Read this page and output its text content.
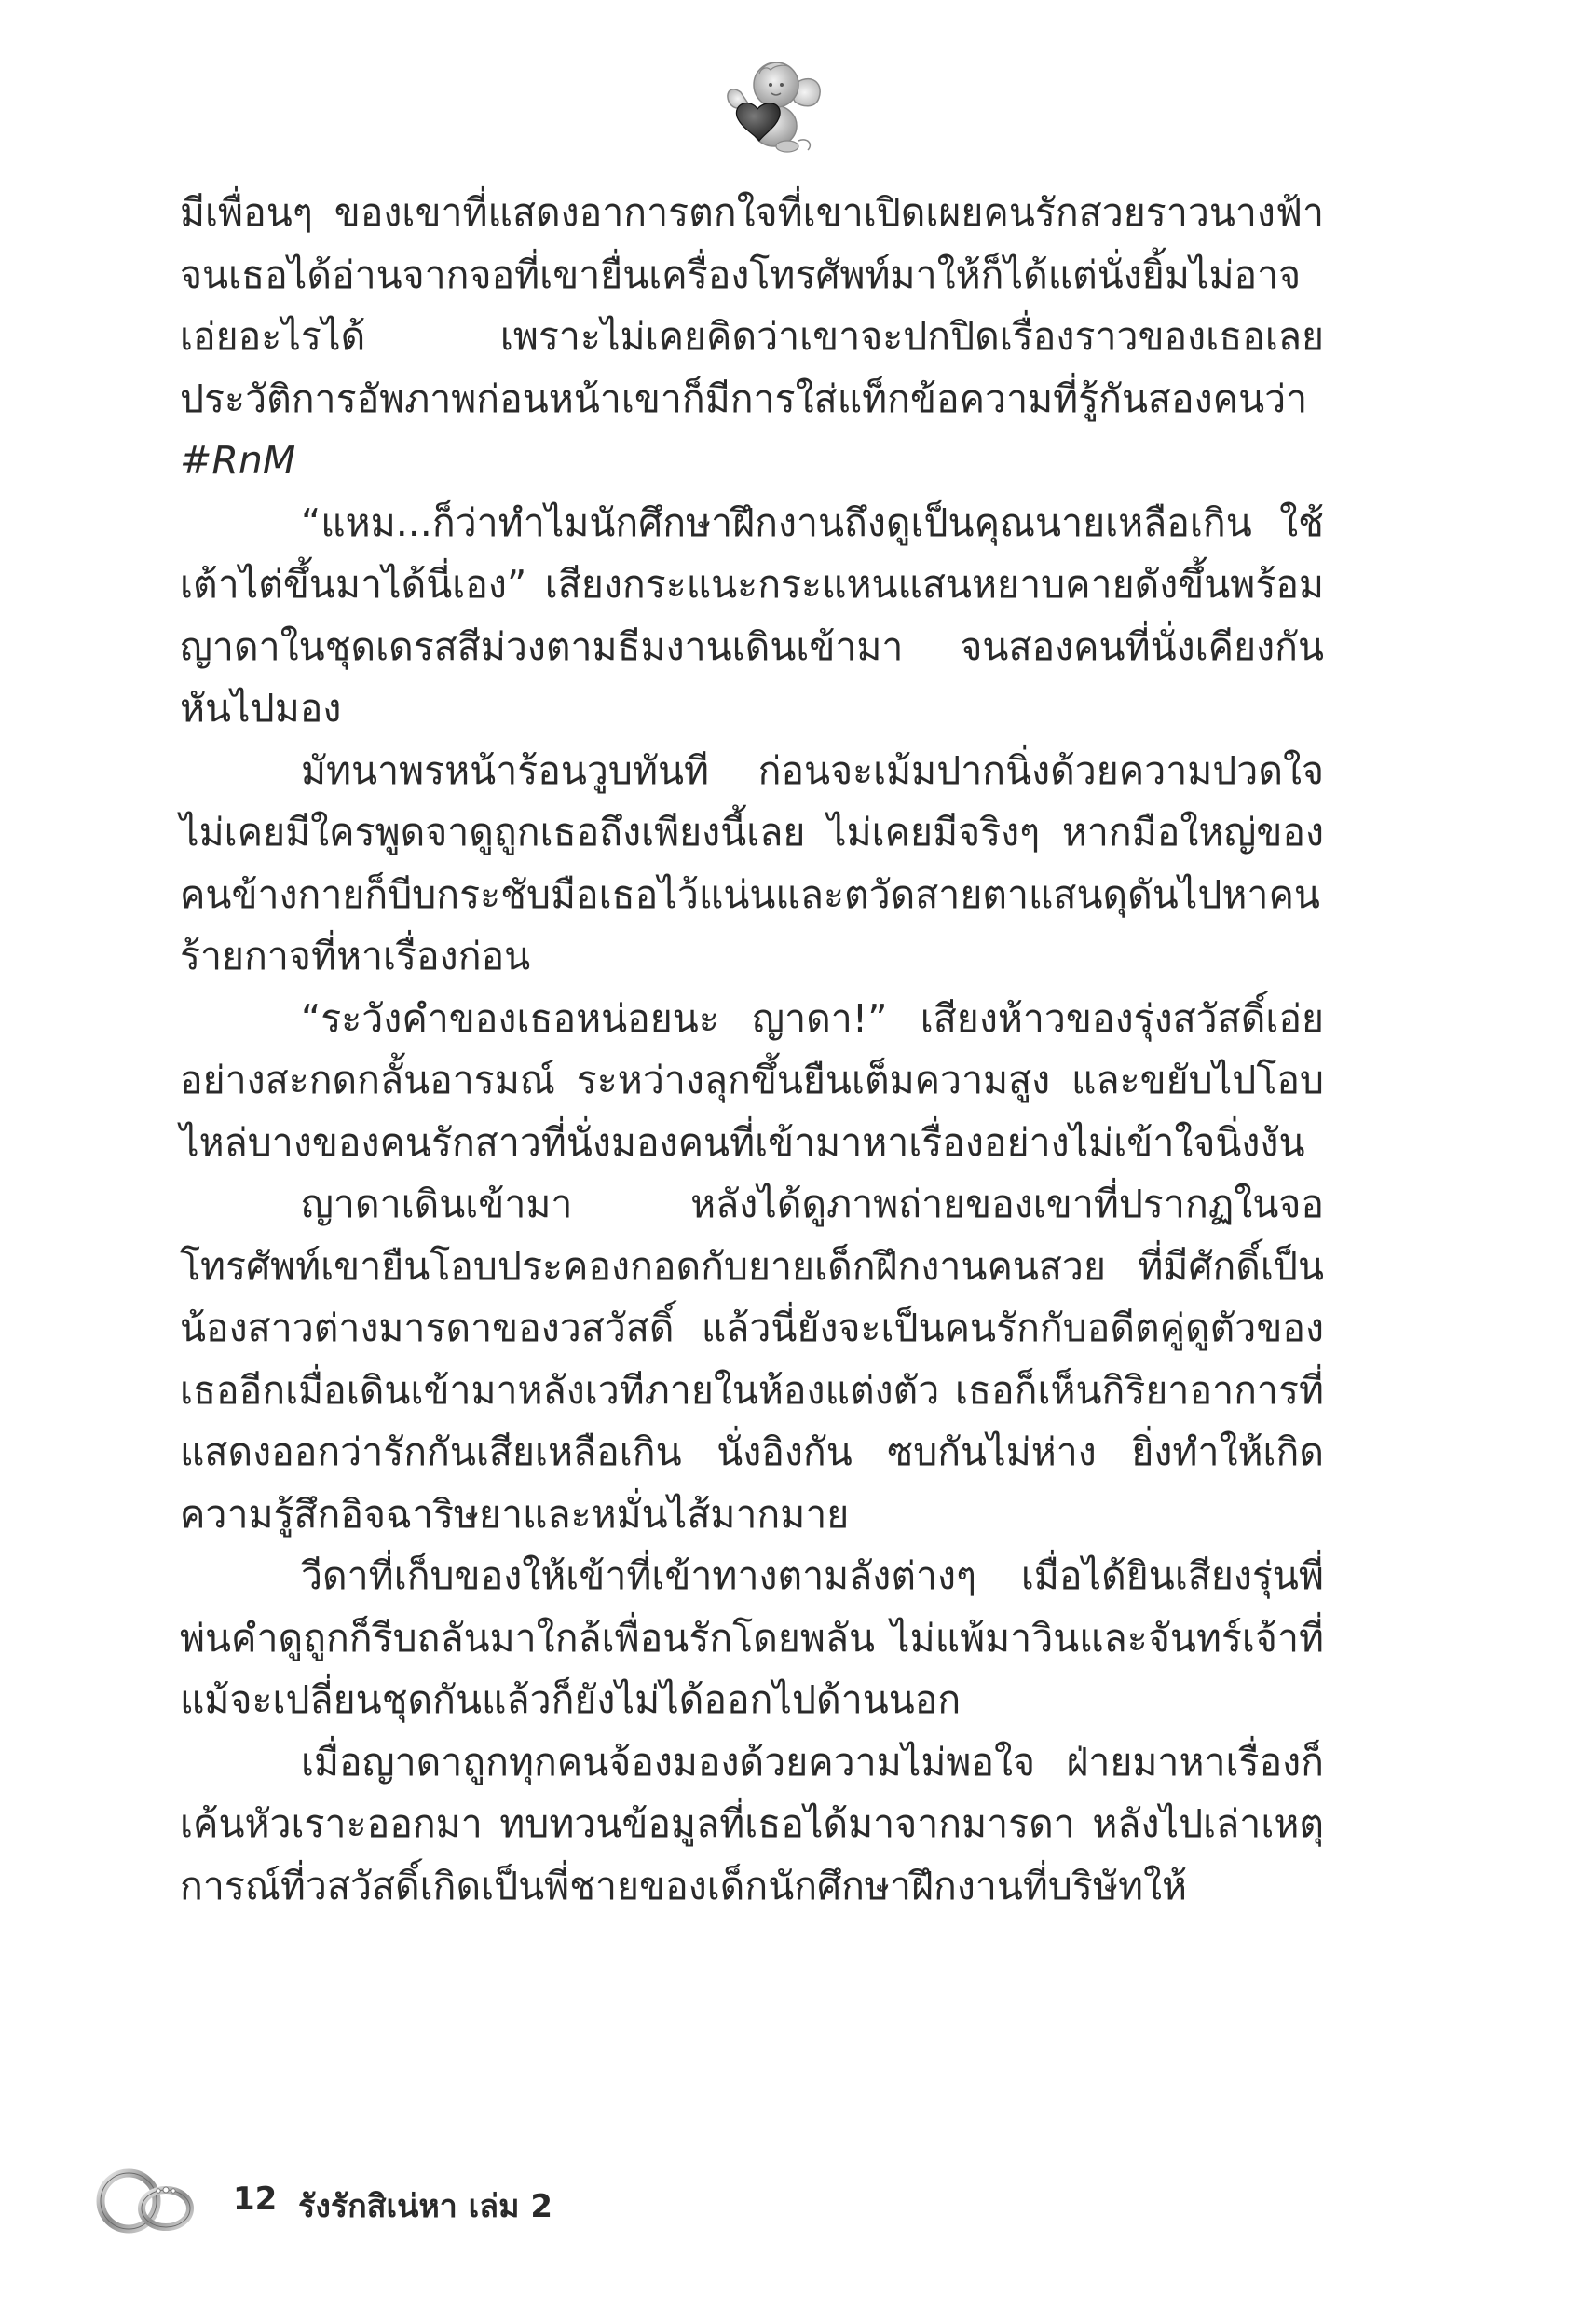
มีเพื่อนๆ ของเขาที่แสดงอาการตกใจที่เขาเปิดเผยคนรักสวยราวนางฟ้า จนเธอได้อ่านจากจอที่เขายื่นเครื่องโทรศัพท์มาให้ก็ได้แต่นั่งยิ้มไม่อาจเอ่ยอะไรได้ เพราะไม่เคยคิดว่าเขาจะปกปิดเรื่องราวของเธอเลย ประวัติการอัพภาพก่อนหน้าเขาก็มีการใส่แท็กข้อความที่รู้กันสองคนว่า #RnM

“แหม...ก็ว่าทำไมนักศึกษาฝึกงานถึงดูเป็นคุณนายเหลือเกิน ใช้เต้าไต่ขึ้นมาได้นี่เอง” เสียงกระแนะกระแหนแสนหยาบคายดังขึ้นพร้อมญาดาในชุดเดรสสีม่วงตามธีมงานเดินเข้ามา จนสองคนที่นั่งเคียงกันหันไปมอง

มัทนาพรหน้าร้อนวูบทันที ก่อนจะเม้มปากนิ่งด้วยความปวดใจ ไม่เคยมีใครพูดจาดูถูกเธอถึงเพียงนี้เลย ไม่เคยมีจริงๆ หากมือใหญ่ของคนข้างกายก็บีบกระชับมือเธอไว้แน่นและตวัดสายตาแสนดุดันไปหาคนร้ายกาจที่หาเรื่องก่อน

“ระวังคำของเธอหน่อยนะ ญาดา!” เสียงห้าวของรุ่งสวัสดิ์เอ่ยอย่างสะกดกลั้นอารมณ์ ระหว่างลุกขึ้นยืนเต็มความสูง และขยับไปโอบไหล่บางของคนรักสาวที่นั่งมองคนที่เข้ามาหาเรื่องอย่างไม่เข้าใจนิ่งงัน

ญาดาเดินเข้ามา หลังได้ดูภาพถ่ายของเขาที่ปรากฏในจอโทรศัพท์เขายืนโอบประคองกอดกับยายเด็กฝึกงานคนสวย ที่มีศักดิ์เป็นน้องสาวต่างมารดาของวสวัสดิ์ แล้วนี่ยังจะเป็นคนรักกับอดีตคู่ดูตัวของเธออีกเมื่อเดินเข้ามาหลังเวทีภายในห้องแต่งตัว เธอก็เห็นกิริยาอาการที่แสดงออกว่ารักกันเสียเหลือเกิน นั่งอิงกัน ซบกันไม่ห่าง ยิ่งทำให้เกิดความรู้สึกอิจฉาริษยาและหมั่นไส้มากมาย

วีดาที่เก็บของให้เข้าที่เข้าทางตามลังต่างๆ เมื่อได้ยินเสียงรุ่นพี่พ่นคำดูถูกก็รีบถลันมาใกล้เพื่อนรักโดยพลัน ไม่แพ้มาวินและจันทร์เจ้าที่แม้จะเปลี่ยนชุดกันแล้วก็ยังไม่ได้ออกไปด้านนอก

เมื่อญาดาถูกทุกคนจ้องมองด้วยความไม่พอใจ ฝ่ายมาหาเรื่องก็เค้นหัวเราะออกมา ทบทวนข้อมูลที่เธอได้มาจากมารดา หลังไปเล่าเหตุการณ์ที่วสวัสดิ์เกิดเป็นพี่ชายของเด็กนักศึกษาฝึกงานที่บริษัทให้

12 รังรักสิเน่หา เล่ม 2
